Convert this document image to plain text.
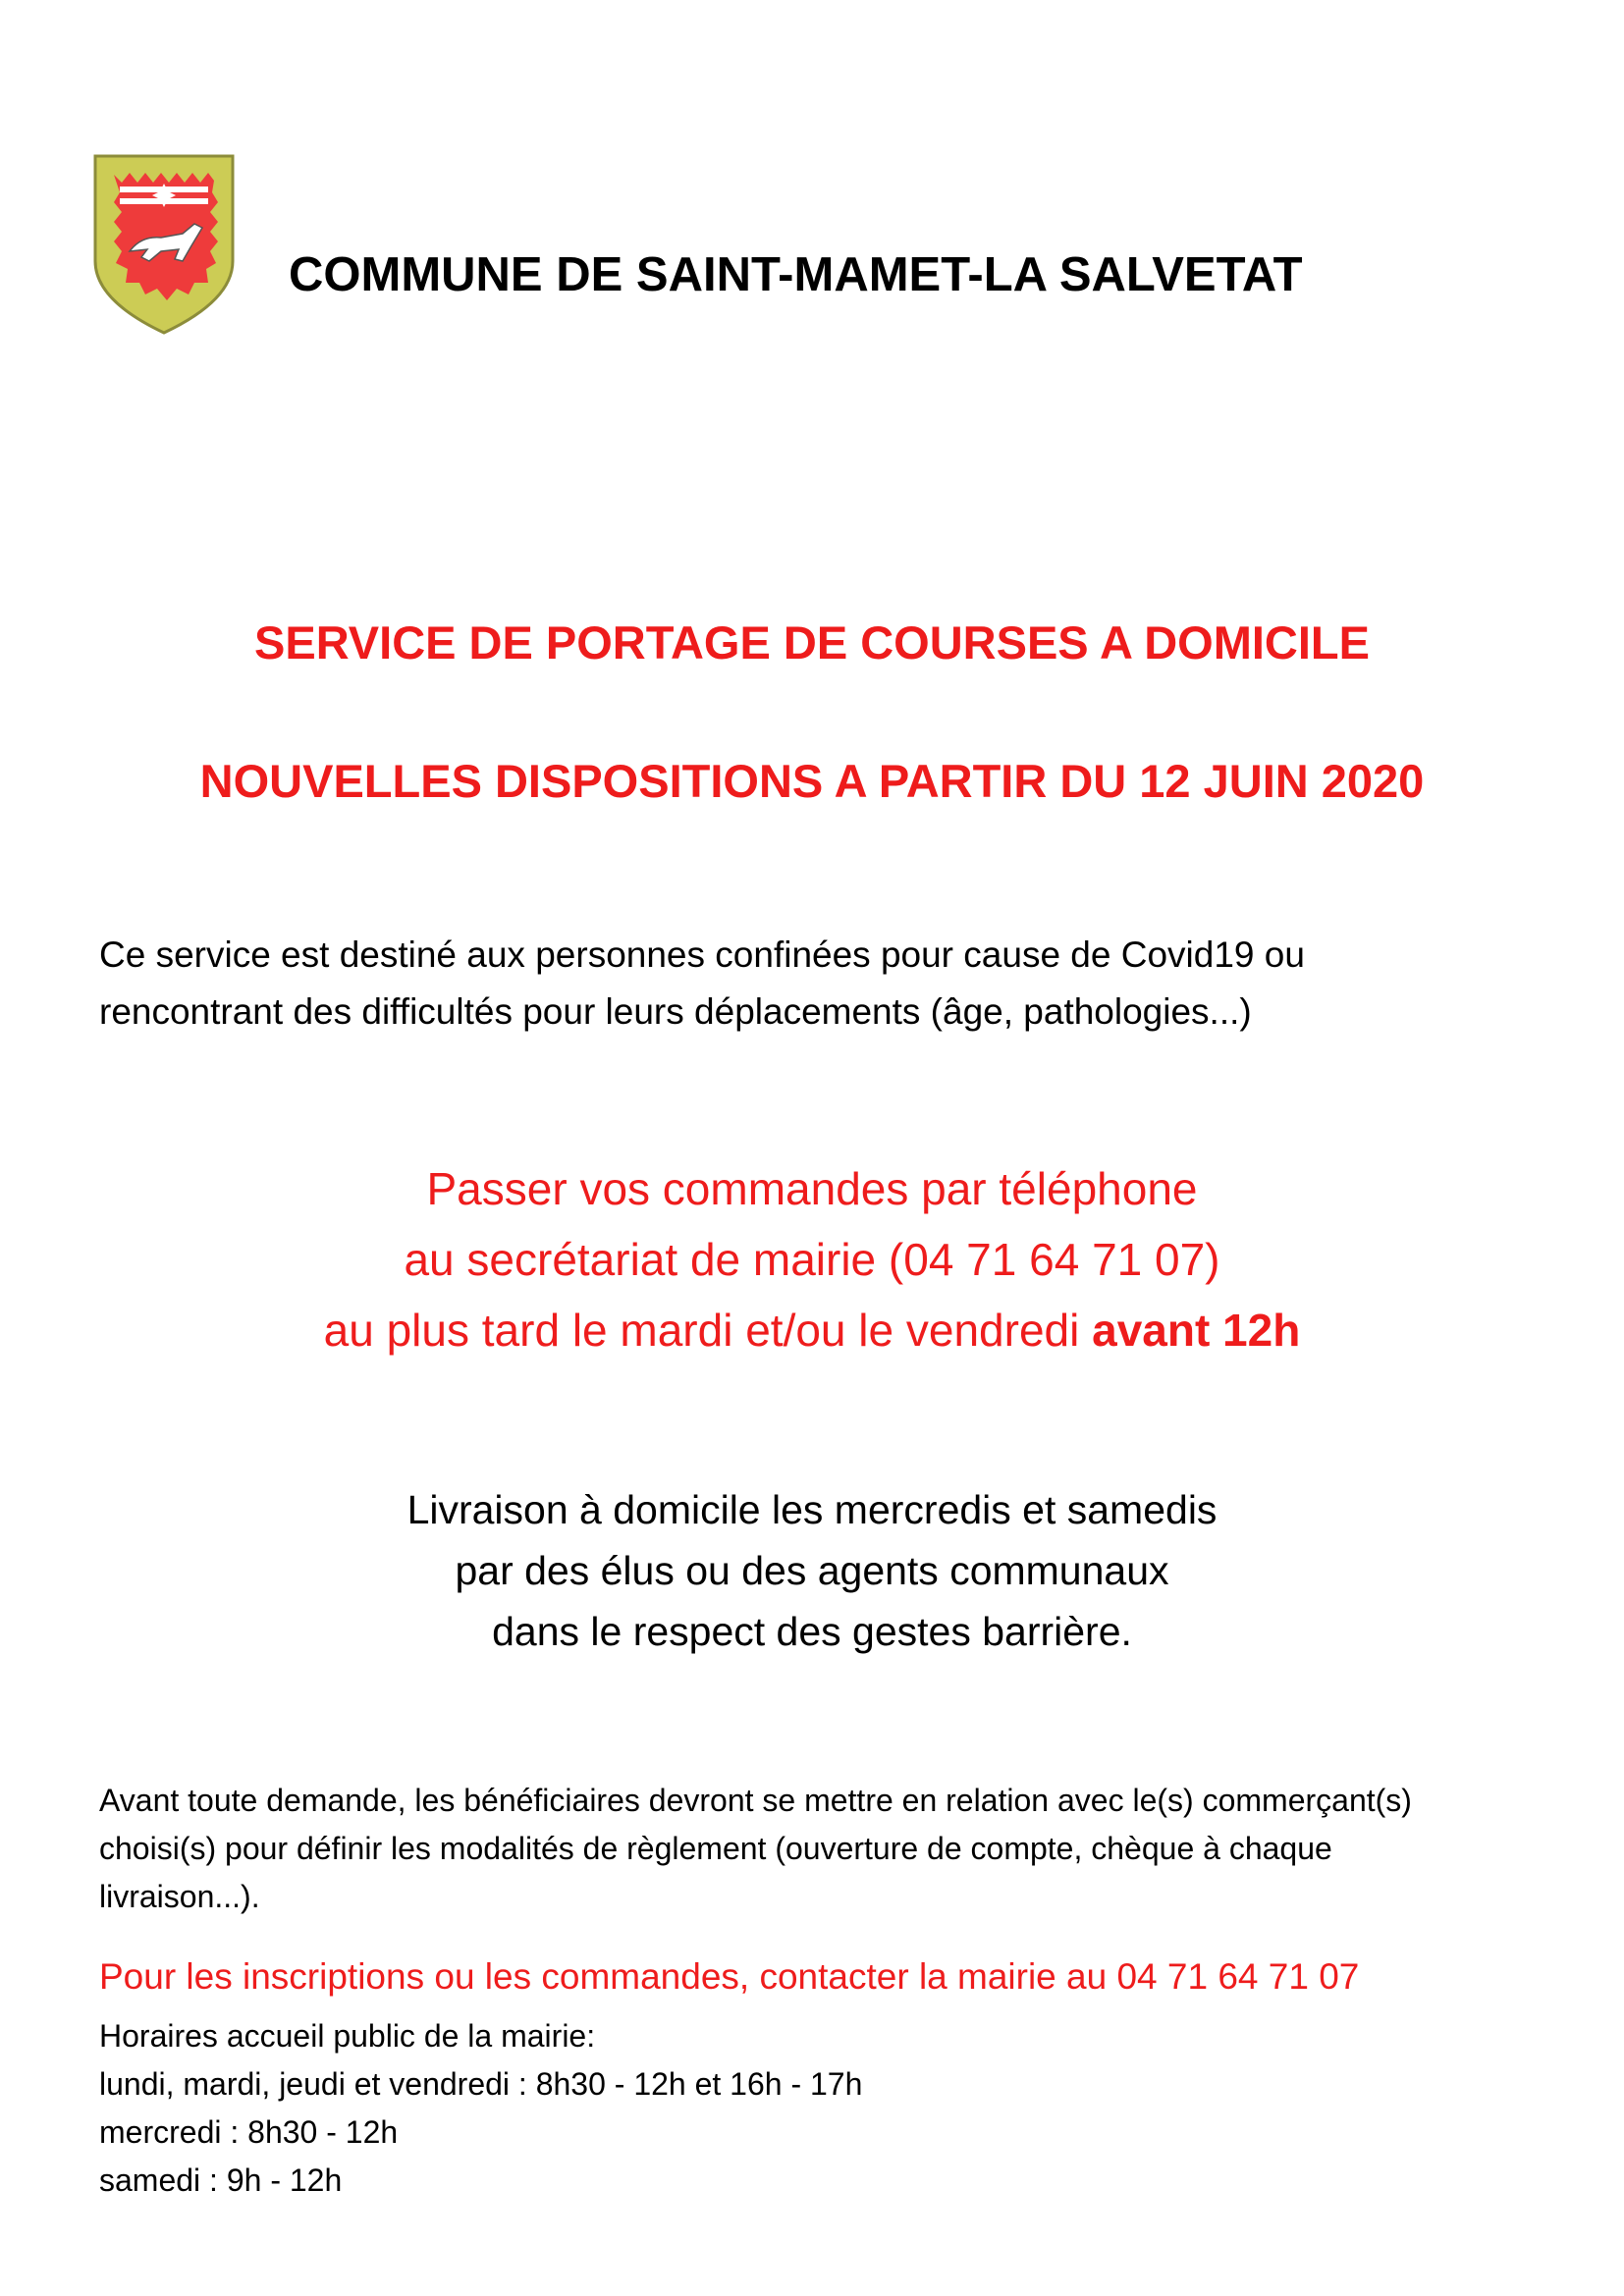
COMMUNE DE SAINT-MAMET-LA SALVETAT
SERVICE DE PORTAGE DE COURSES A DOMICILE
NOUVELLES DISPOSITIONS A PARTIR DU 12 JUIN 2020
Ce service est destiné aux personnes confinées pour cause de Covid19 ou
rencontrant des difficultés pour leurs déplacements (âge, pathologies...)
Passer vos commandes par téléphone
au secrétariat de mairie (04 71 64 71 07)
au plus tard le mardi et/ou le vendredi avant 12h
Livraison à domicile les mercredis et samedis
par des élus ou des agents communaux
dans le respect des gestes barrière.
Avant toute demande, les bénéficiaires devront se mettre en relation avec le(s) commerçant(s)
choisi(s) pour définir les modalités de règlement (ouverture de compte, chèque à chaque
livraison...).
Pour les inscriptions ou les commandes, contacter la mairie au 04 71 64 71 07
Horaires accueil public de la mairie:
lundi, mardi, jeudi et vendredi : 8h30 - 12h et 16h - 17h
mercredi : 8h30 - 12h
samedi : 9h - 12h
